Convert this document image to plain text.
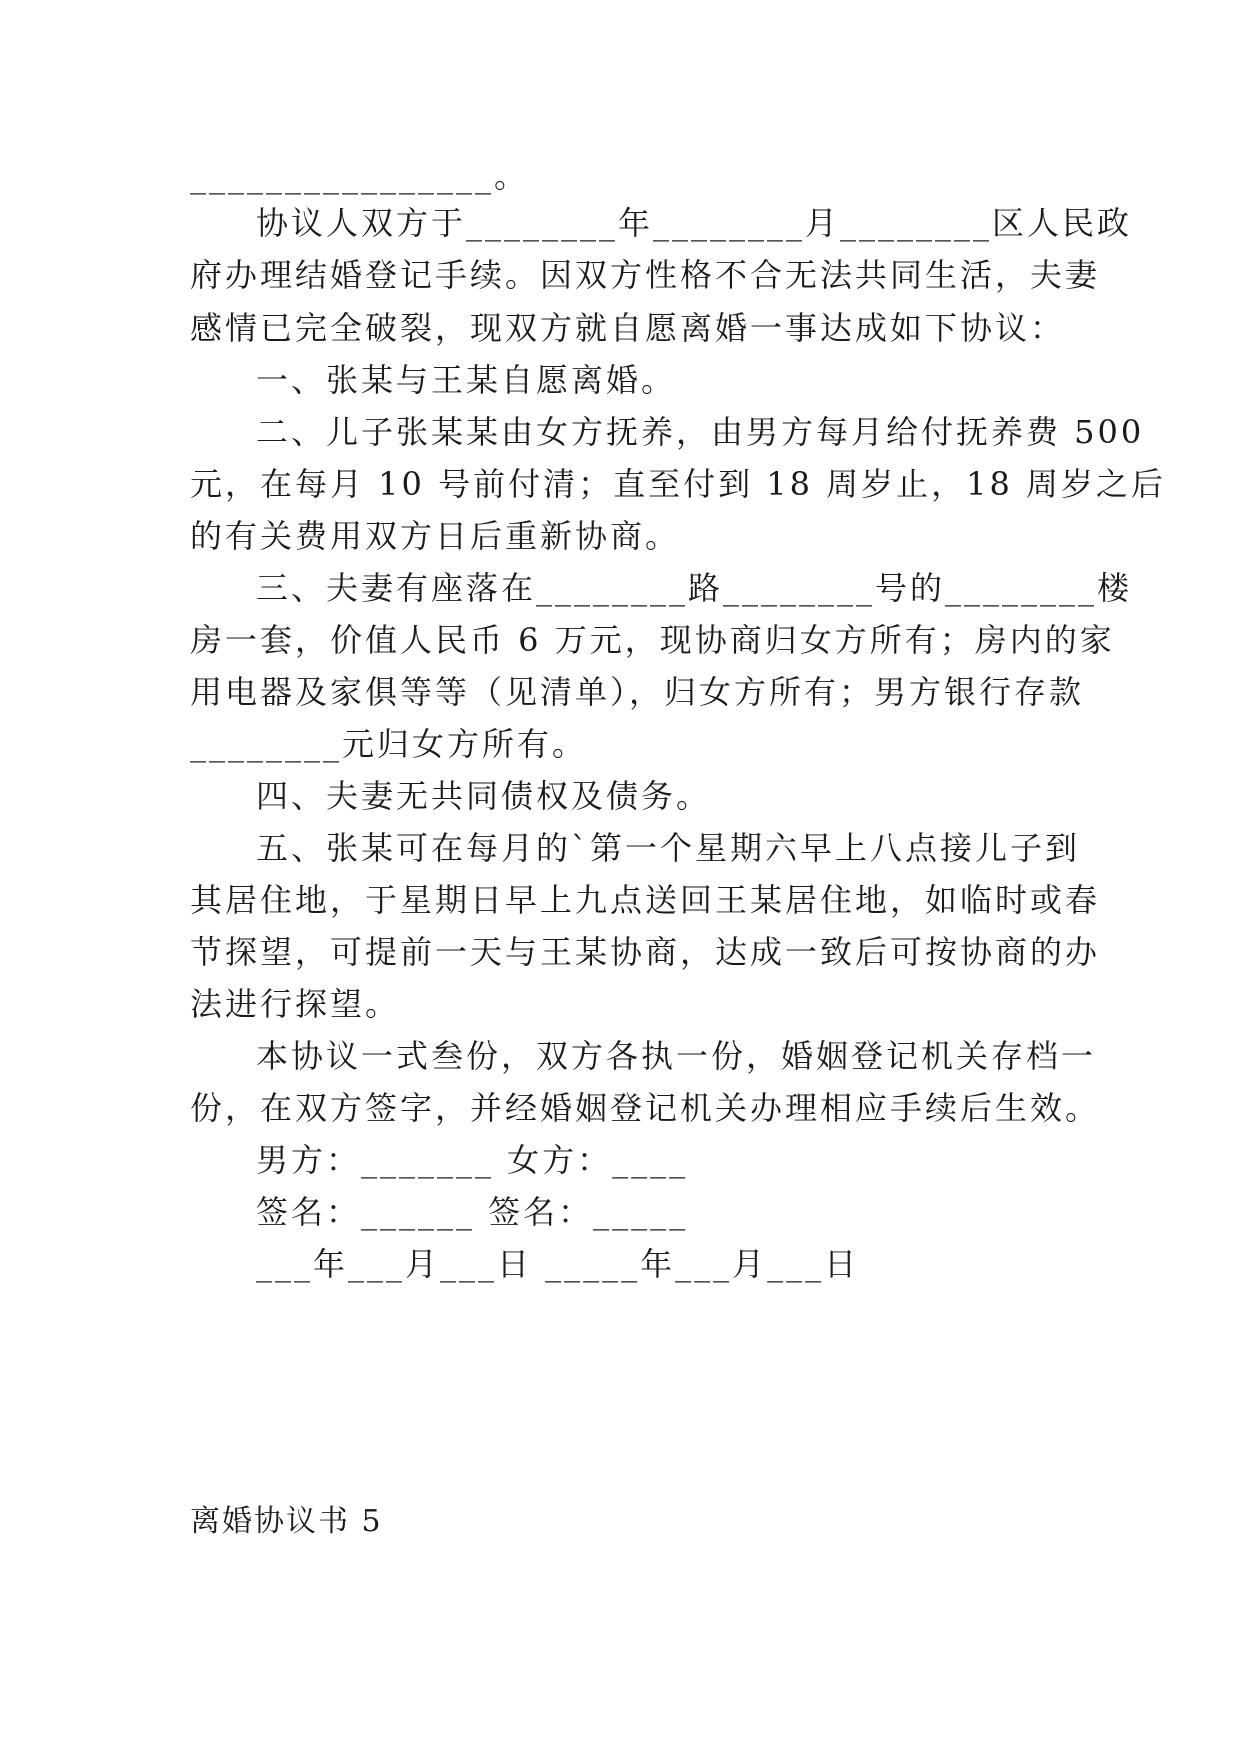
________________。
协议人双方于________年________月________区人民政
府办理结婚登记手续。因双方性格不合无法共同生活，夫妻
感情已完全破裂，现双方就自愿离婚一事达成如下协议：
一、张某与王某自愿离婚。
二、儿子张某某由女方抚养，由男方每月给付抚养费 500
元，在每月 10 号前付清；直至付到 18 周岁止，18 周岁之后
的有关费用双方日后重新协商。
三、夫妻有座落在________路________号的________楼
房一套，价值人民币 6 万元，现协商归女方所有；房内的家
用电器及家俱等等（见清单），归女方所有；男方银行存款
________元归女方所有。
四、夫妻无共同债权及债务。
五、张某可在每月的`第一个星期六早上八点接儿子到
其居住地，于星期日早上九点送回王某居住地，如临时或春
节探望，可提前一天与王某协商，达成一致后可按协商的办
法进行探望。
本协议一式叁份，双方各执一份，婚姻登记机关存档一
份，在双方签字，并经婚姻登记机关办理相应手续后生效。
男方：_______ 女方：____
签名：______ 签名：_____
___年___月___日 _____年___月___日
离婚协议书 5
